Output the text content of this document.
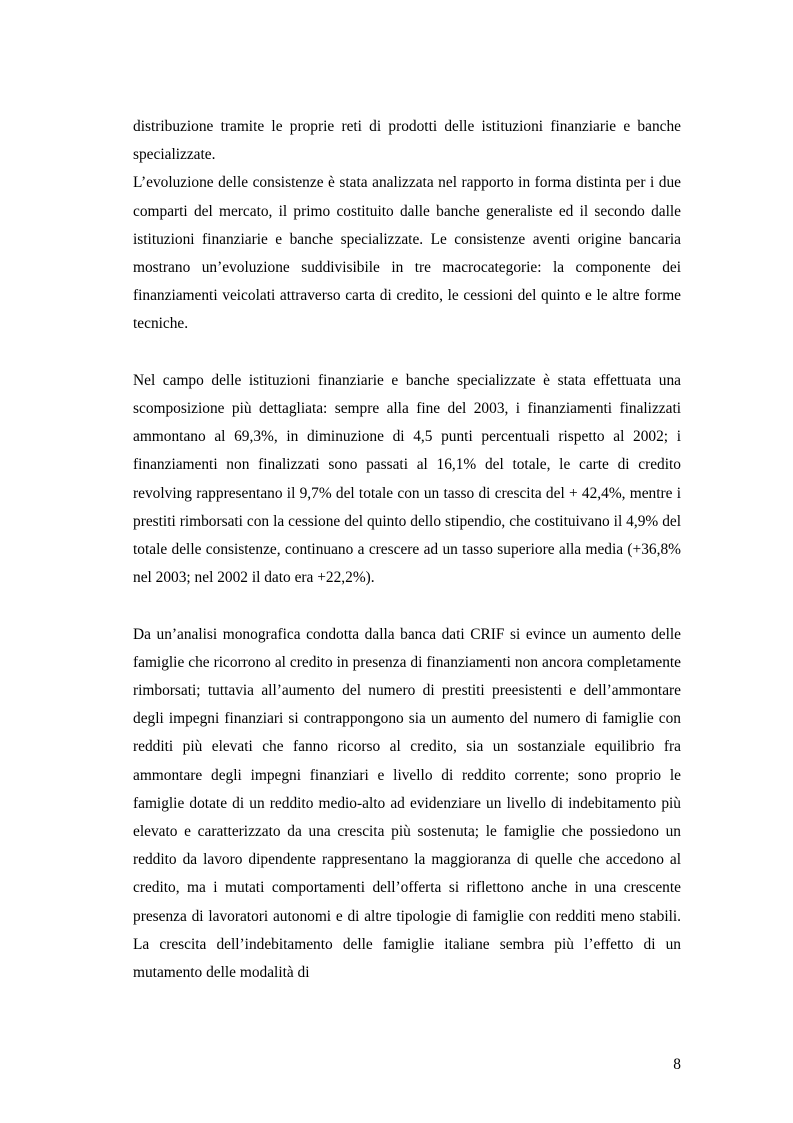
distribuzione tramite le proprie reti di prodotti delle istituzioni finanziarie e banche specializzate.

L’evoluzione delle consistenze è stata analizzata nel rapporto in forma distinta per i due comparti del mercato, il primo costituito dalle banche generaliste ed il secondo dalle istituzioni finanziarie e banche specializzate. Le consistenze aventi origine bancaria mostrano un’evoluzione suddivisibile in tre macrocategorie: la componente dei finanziamenti veicolati attraverso carta di credito, le cessioni del quinto e le altre forme tecniche.

Nel campo delle istituzioni finanziarie e banche specializzate è stata effettuata una scomposizione più dettagliata: sempre alla fine del 2003, i finanziamenti finalizzati ammontano al 69,3%, in diminuzione di 4,5 punti percentuali rispetto al 2002; i finanziamenti non finalizzati sono passati al 16,1% del totale, le carte di credito revolving rappresentano il 9,7% del totale con un tasso di crescita del + 42,4%, mentre i prestiti rimborsati con la cessione del quinto dello stipendio, che costituivano il 4,9% del totale delle consistenze, continuano a crescere ad un tasso superiore alla media (+36,8% nel 2003; nel 2002 il dato era +22,2%).

Da un’analisi monografica condotta dalla banca dati CRIF si evince un aumento delle famiglie che ricorrono al credito in presenza di finanziamenti non ancora completamente rimborsati; tuttavia all’aumento del numero di prestiti preesistenti e dell’ammontare degli impegni finanziari si contrappongono sia un aumento del numero di famiglie con redditi più elevati che fanno ricorso al credito, sia un sostanziale equilibrio fra ammontare degli impegni finanziari e livello di reddito corrente; sono proprio le famiglie dotate di un reddito medio-alto ad evidenziare un livello di indebitamento più elevato e caratterizzato da una crescita più sostenuta; le famiglie che possiedono un reddito da lavoro dipendente rappresentano la maggioranza di quelle che accedono al credito, ma i mutati comportamenti dell’offerta si riflettono anche in una crescente presenza di lavoratori autonomi e di altre tipologie di famiglie con redditi meno stabili. La crescita dell’indebitamento delle famiglie italiane sembra più l’effetto di un mutamento delle modalità di

8
